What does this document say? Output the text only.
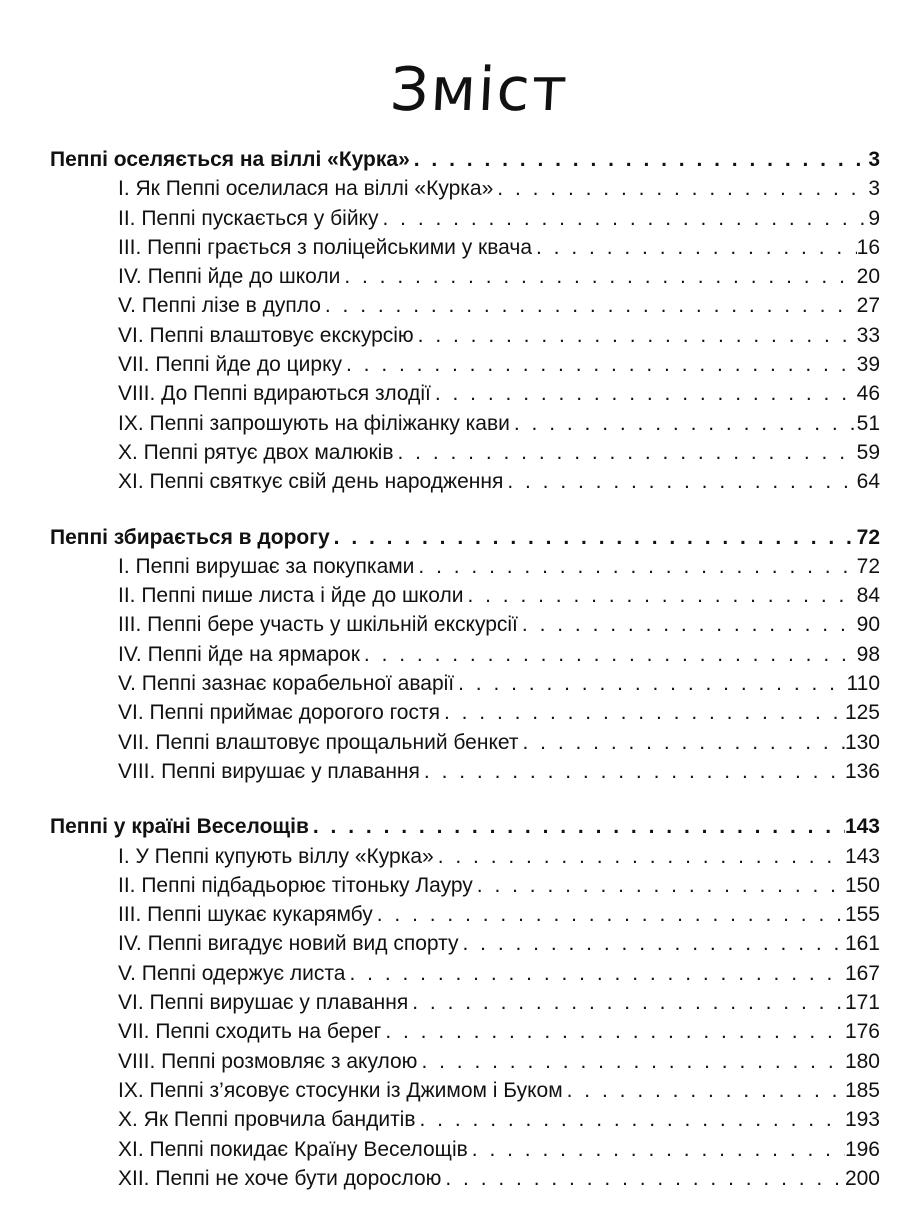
Зміст
Пеппі оселяється на віллі «Курка» . . .	3
I. Як Пеппі оселилася на віллі «Курка» . . .	3
II. Пеппі пускається у бійку . . .	9
III. Пеппі грається з поліцейськими у квача . . .	16
IV. Пеппі йде до школи . . .	20
V. Пеппі лізе в дупло . . .	27
VI. Пеппі влаштовує екскурсію . . .	33
VII. Пеппі йде до цирку . . .	39
VIII. До Пеппі вдираються злодії . . .	46
IX. Пеппі запрошують на філіжанку кави . . .	51
X. Пеппі рятує двох малюків . . .	59
XI. Пеппі святкує свій день народження . . .	64
Пеппі збирається в дорогу . . .	72
I. Пеппі вирушає за покупками . . .	72
II. Пеппі пише листа і йде до школи . . .	84
III. Пеппі бере участь у шкільній екскурсії . . .	90
IV. Пеппі йде на ярмарок . . .	98
V. Пеппі зазнає корабельної аварії . . .	110
VI. Пеппі приймає дорогого гостя . . .	125
VII. Пеппі влаштовує прощальний бенкет . . .	130
VIII. Пеппі вирушає у плавання . . .	136
Пеппі у країні Веселощів . . .	143
I. У Пеппі купують віллу «Курка» . . .	143
II. Пеппі підбадьорює тітоньку Лауру . . .	150
III. Пеппі шукає кукарямбу . . .	155
IV. Пеппі вигадує новий вид спорту . . .	161
V. Пеппі одержує листа . . .	167
VI. Пеппі вирушає у плавання . . .	171
VII. Пеппі сходить на берег . . .	176
VIII. Пеппі розмовляє з акулою . . .	180
IX. Пеппі з’ясовує стосунки із Джимом і Буком . . .	185
X. Як Пеппі провчила бандитів . . .	193
XI. Пеппі покидає Країну Веселощів . . .	196
XII. Пеппі не хоче бути дорослою . . .	200
